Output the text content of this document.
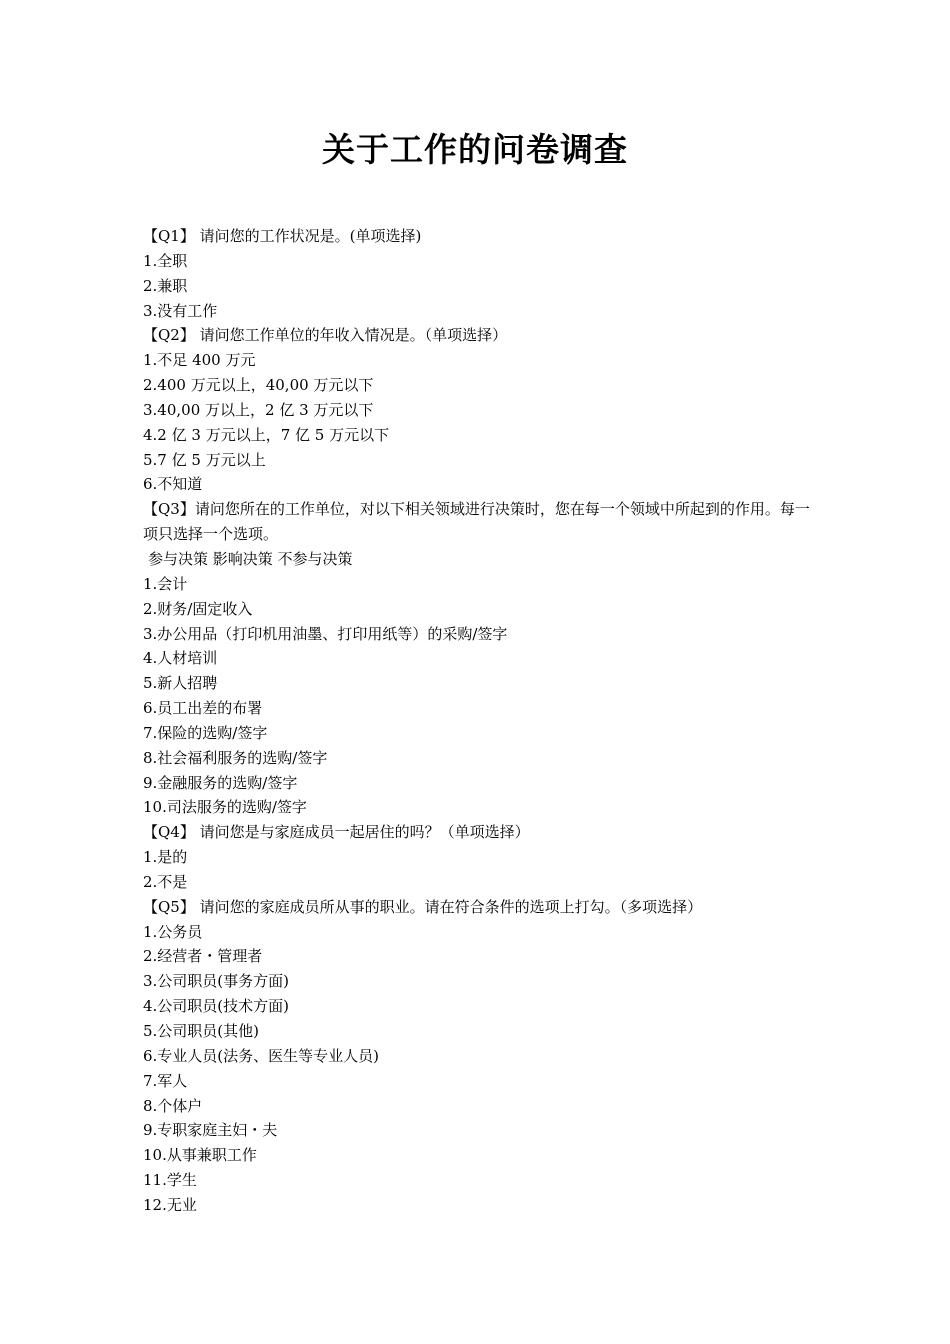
关于工作的问卷调查

【Q1】 请问您的工作状况是。(单项选择)

1.全职

2.兼职

3.没有工作

【Q2】 请问您工作单位的年收入情况是。（单项选择）

1.不足 400 万元

2.400 万元以上，40,00 万元以下

3.40,00 万以上，2 亿 3 万元以下

4.2 亿 3 万元以上，7 亿 5 万元以下

5.7 亿 5 万元以上

6.不知道

【Q3】请问您所在的工作单位，对以下相关领域进行决策时，您在每一个领域中所起到的作用。每一项只选择一个选项。

参与决策 影响决策 不参与决策

1.会计

2.财务/固定收入

3.办公用品（打印机用油墨、打印用纸等）的采购/签字

4.人材培训

5.新人招聘

6.员工出差的布署

7.保险的选购/签字

8.社会福利服务的选购/签字

9.金融服务的选购/签字

10.司法服务的选购/签字

【Q4】 请问您是与家庭成员一起居住的吗？（单项选择）

1.是的

2.不是

【Q5】 请问您的家庭成员所从事的职业。请在符合条件的选项上打勾。（多项选择）

1.公务员

2.经营者・管理者

3.公司职员(事务方面)

4.公司职员(技术方面)

5.公司职员(其他)

6.专业人员(法务、医生等专业人员)

7.军人

8.个体户

9.专职家庭主妇・夫

10.从事兼职工作

11.学生

12.无业
